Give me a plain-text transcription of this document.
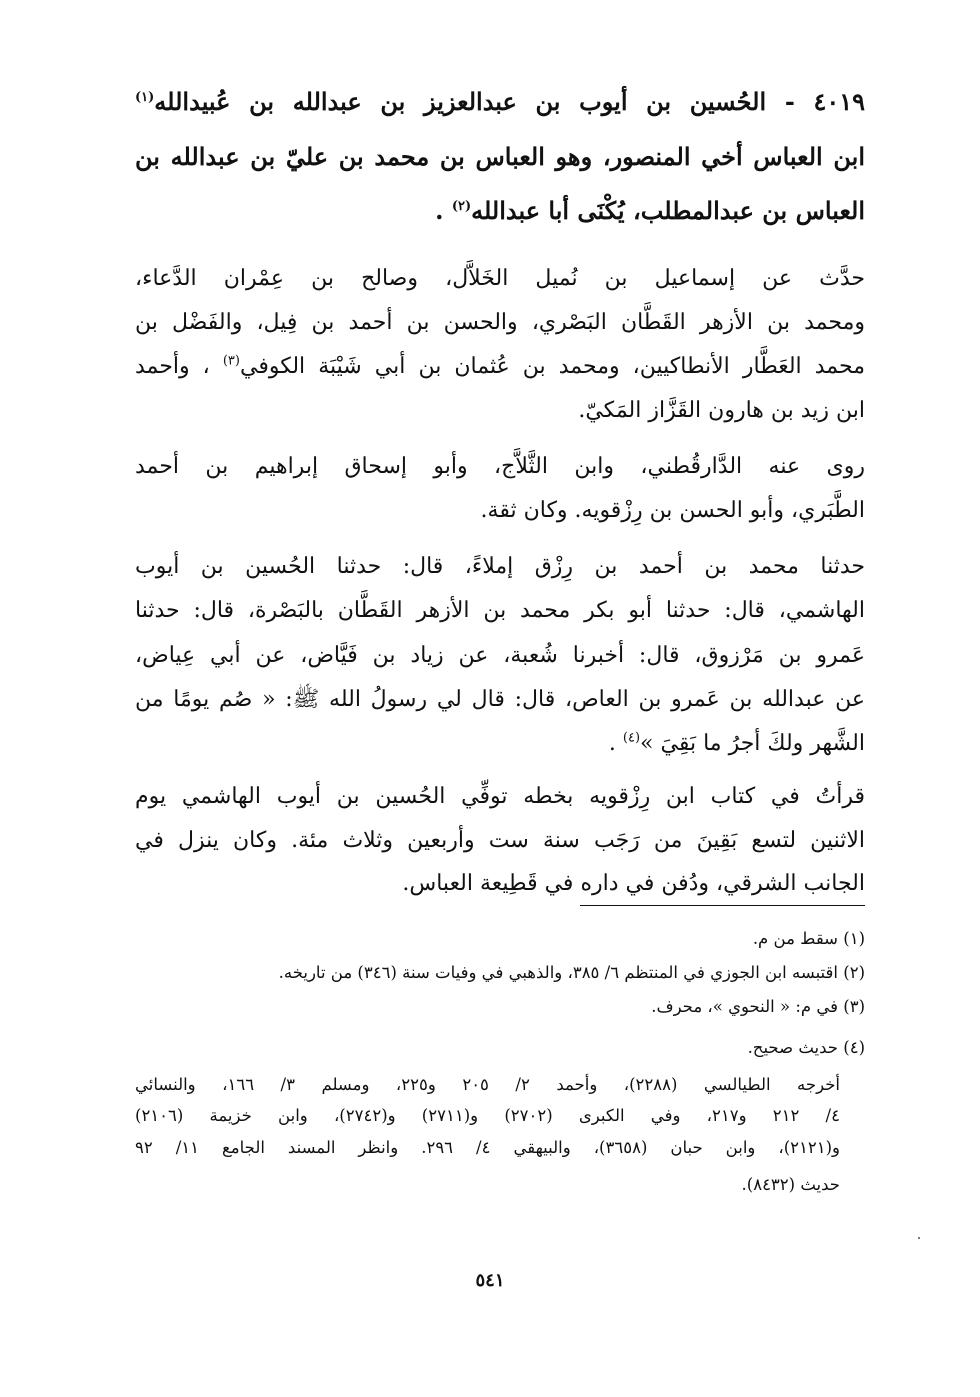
٤٠١٩ - الحُسين بن أيوب بن عبدالعزيز بن عبدالله بن عُبيدالله$^{(١)}$
ابن العباس أخي المنصور، وهو العباس بن محمد بن عليّ بن عبدالله بن
العباس بن عبدالمطلب، يُكْنَى أبا عبدالله$^{(٢)}$ .
حدَّث عن إسماعيل بن نُميل الخَلاَّل، وصالح بن عِمْران الدَّعاء،
ومحمد بن الأزهر القَطَّان البَصْري، والحسن بن أحمد بن فِيل، والفَضْل بن
محمد العَطَّار الأنطاكيين، ومحمد بن عُثمان بن أبي شَيْبَة الكوفي$^{(٣)}$ ، وأحمد
ابن زيد بن هارون القَزَّاز المَكيّ.
روى عنه الدَّارقُطني، وابن الثَّلاَّج، وأبو إسحاق إبراهيم بن أحمد
الطَّبَري، وأبو الحسن بن رِزْقويه. وكان ثقة.
حدثنا محمد بن أحمد بن رِزْق إملاءً، قال: حدثنا الحُسين بن أيوب
الهاشمي، قال: حدثنا أبو بكر محمد بن الأزهر القَطَّان بالبَصْرة، قال: حدثنا
عَمرو بن مَرْزوق، قال: أخبرنا شُعبة، عن زياد بن فَيَّاض، عن أبي عِياض،
عن عبدالله بن عَمرو بن العاص، قال: قال لي رسولُ الله ﷺ: « صُم يومًا من
الشَّهر ولكَ أجرُ ما بَقِيَ »$^{(٤)}$ .
قرأتُ في كتاب ابن رِزْقويه بخطه توفِّي الحُسين بن أيوب الهاشمي يوم
الاثنين لتسع بَقِينَ من رَجَب سنة ست وأربعين وثلاث مئة. وكان ينزل في
الجانب الشرقي، ودُفن في داره في قَطِيعة العباس.
(١) سقط من م.
(٢) اقتبسه ابن الجوزي في المنتظم ٦/ ٣٨٥، والذهبي في وفيات سنة (٣٤٦) من تاريخه.
(٣) في م: « النحوي »، محرف.
(٤) حديث صحيح.
أخرجه الطيالسي (٢٢٨٨)، وأحمد ٢/ ٢٠٥ و٢٢٥، ومسلم ٣/ ١٦٦، والنسائي
٤/ ٢١٢ و٢١٧، وفي الكبرى (٢٧٠٢) و(٢٧١١) و(٢٧٤٢)، وابن خزيمة (٢١٠٦)
و(٢١٢١)، وابن حبان (٣٦٥٨)، والبيهقي ٤/ ٢٩٦. وانظر المسند الجامع ١١/ ٩٢
حديث (٨٤٣٢).
٥٤١
